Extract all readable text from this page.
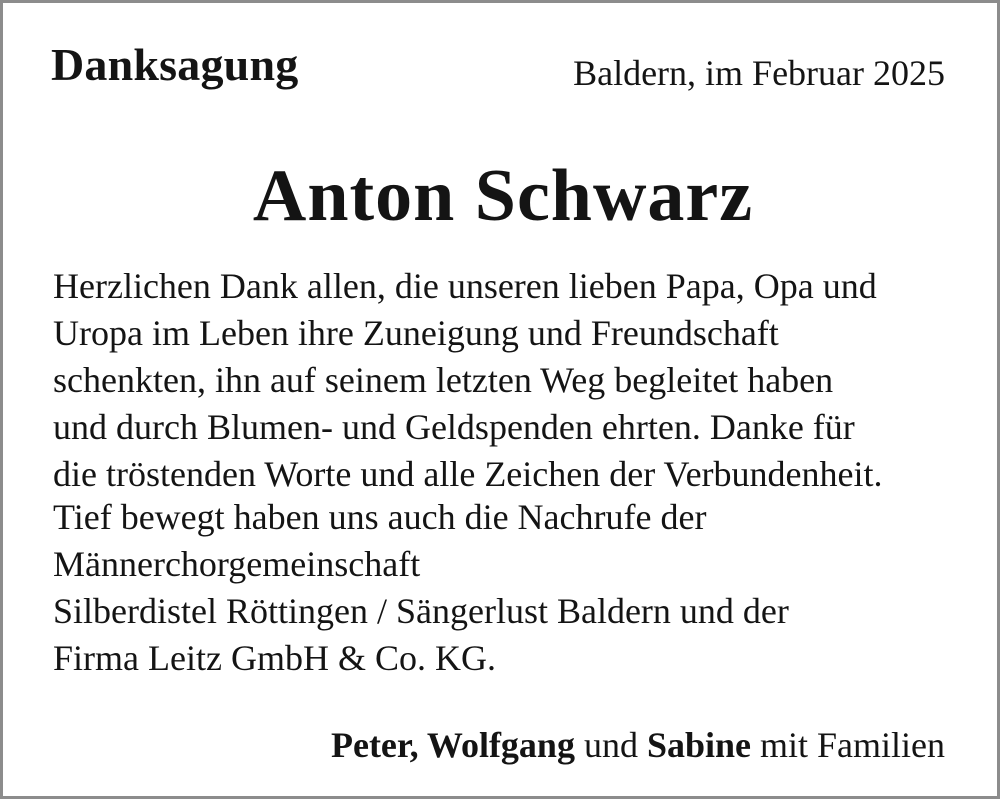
Danksagung	Baldern, im Februar 2025
Anton Schwarz
Herzlichen Dank allen, die unseren lieben Papa, Opa und
Uropa im Leben ihre Zuneigung und Freundschaft
schenkten, ihn auf seinem letzten Weg begleitet haben
und durch Blumen- und Geldspenden ehrten. Danke für
die tröstenden Worte und alle Zeichen der Verbundenheit.
Tief bewegt haben uns auch die Nachrufe der
Männerchorgemeinschaft
Silberdistel Röttingen / Sängerlust Baldern und der
Firma Leitz GmbH & Co. KG.
Peter, Wolfgang und Sabine mit Familien
